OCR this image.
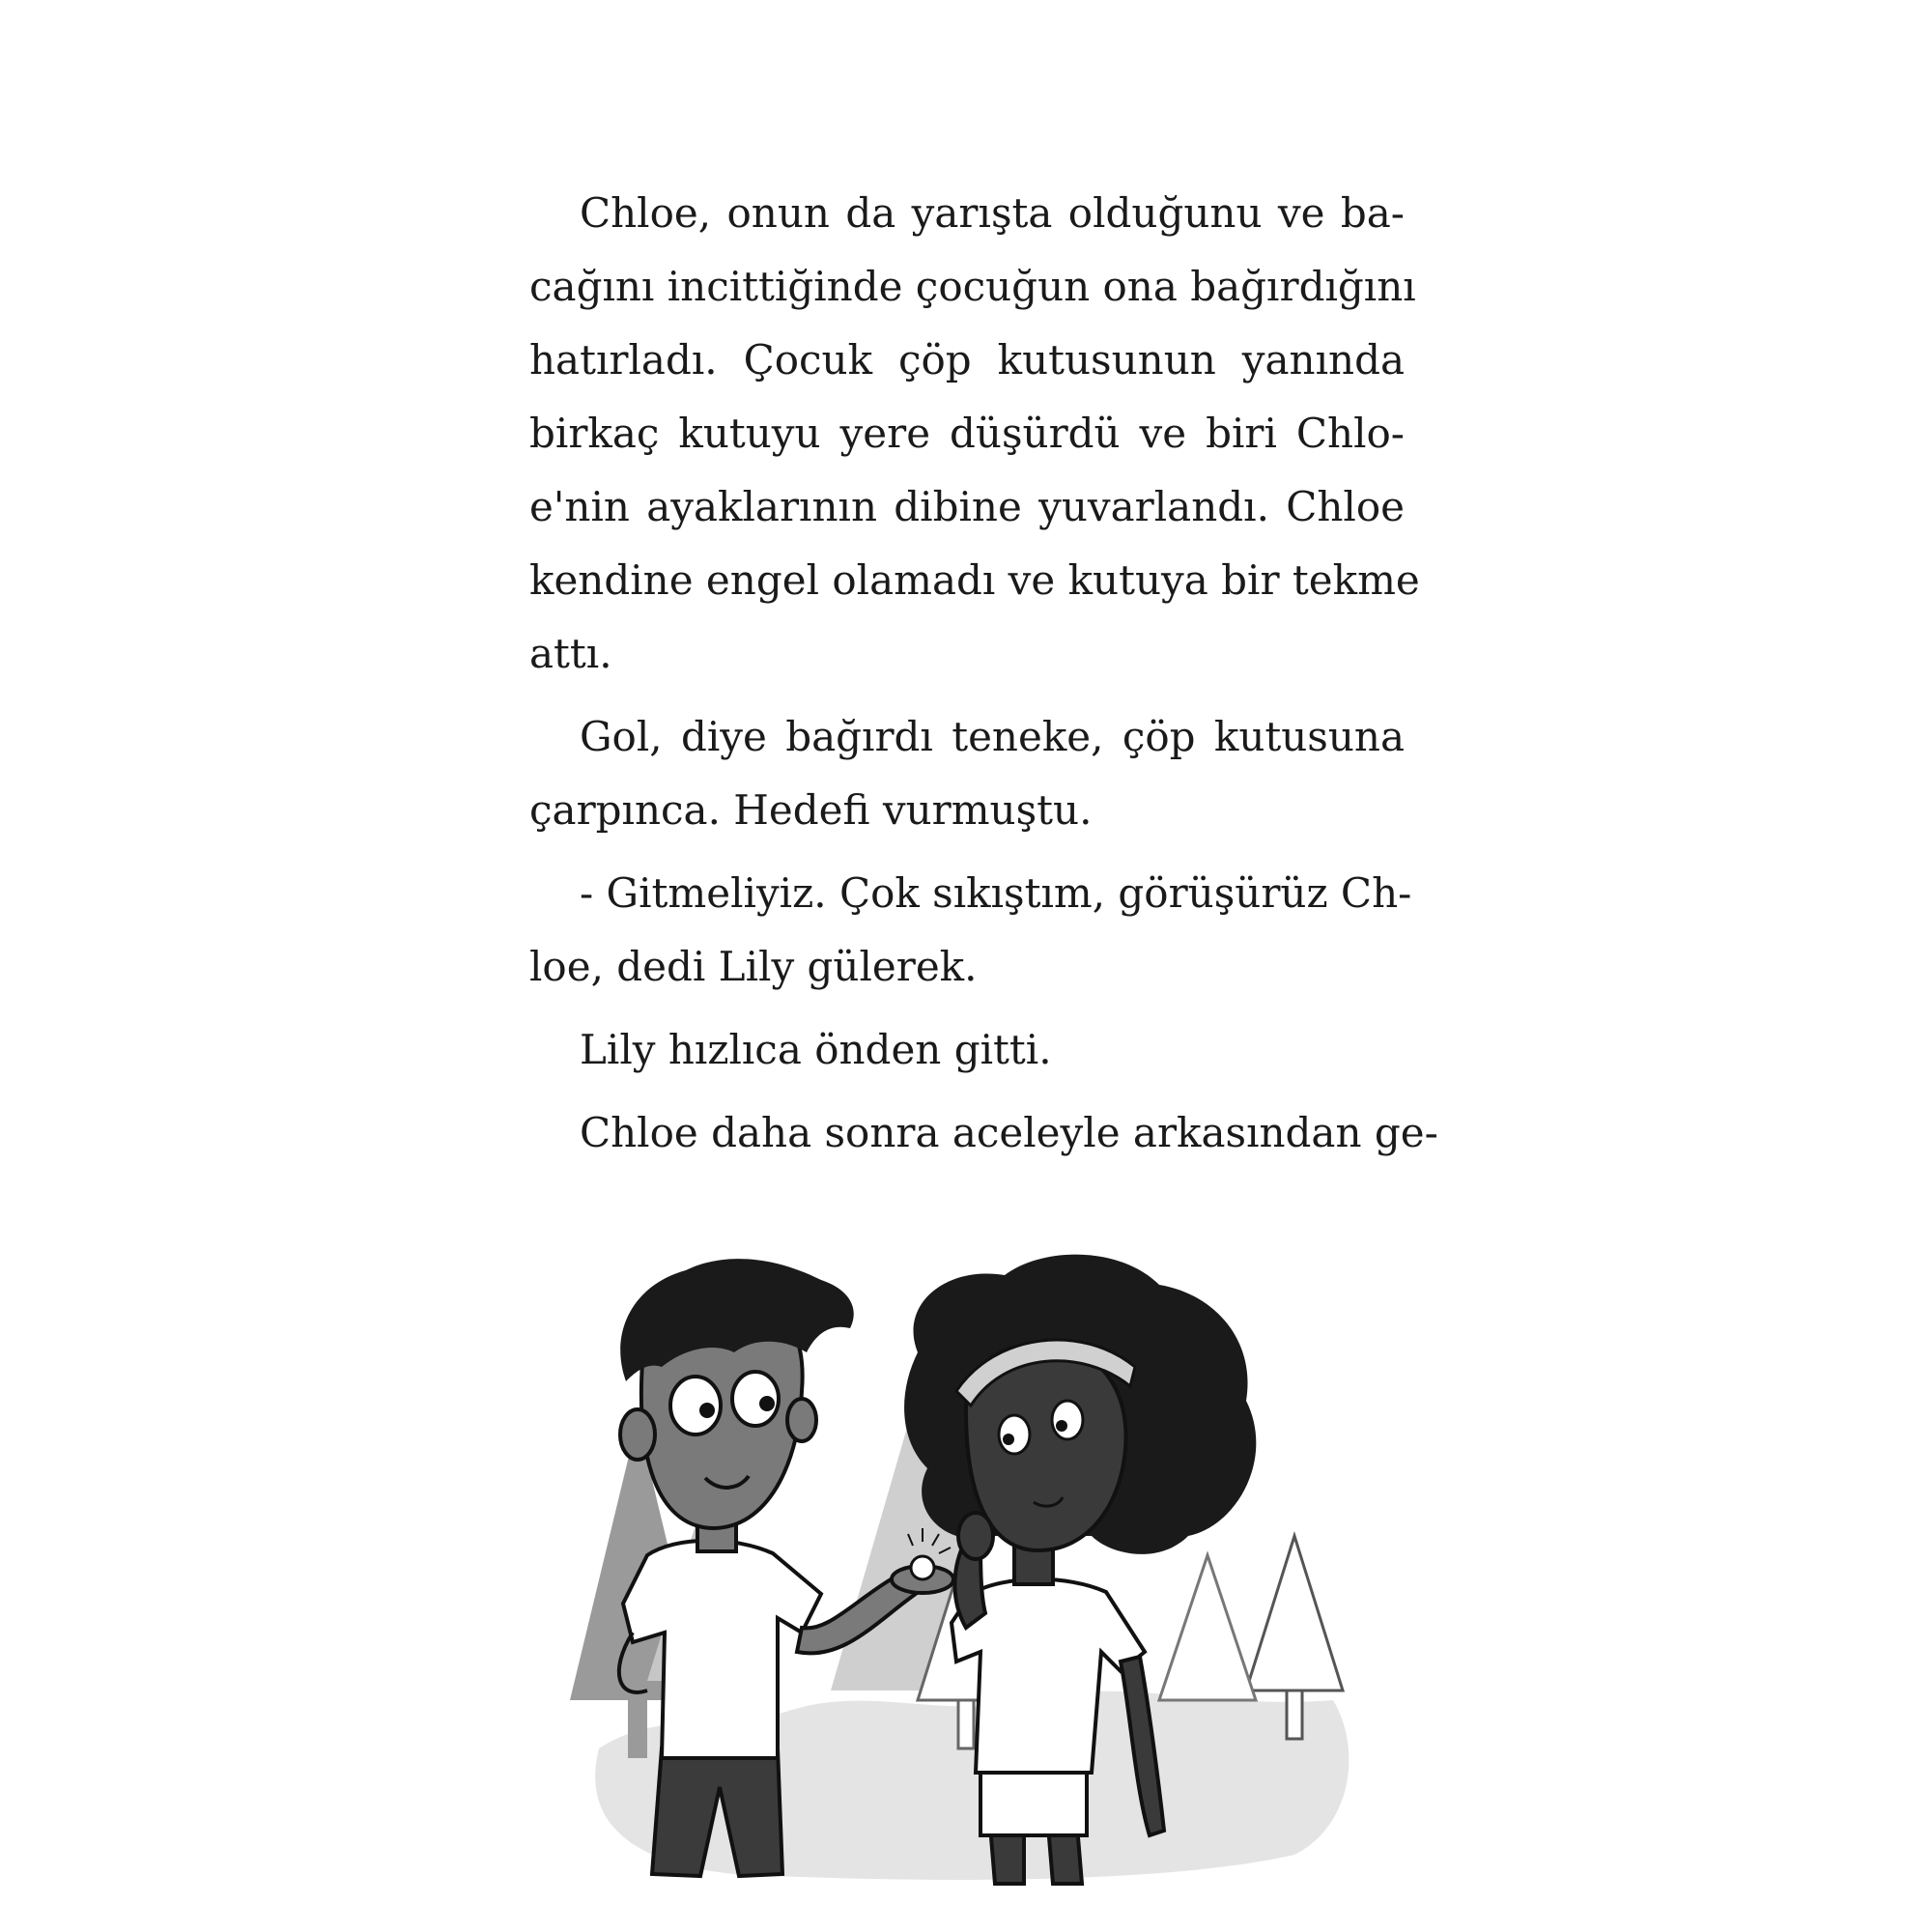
Chloe, onun da yarışta olduğunu ve ba-
cağını incittiğinde çocuğun ona bağırdığını
hatırladı. Çocuk çöp kutusunun yanında
birkaç kutuyu yere düşürdü ve biri Chlo-
e'nin ayaklarının dibine yuvarlandı. Chloe
kendine engel olamadı ve kutuya bir tekme
attı.
Gol, diye bağırdı teneke, çöp kutusuna
çarpınca. Hedefi vurmuştu.
- Gitmeliyiz. Çok sıkıştım, görüşürüz Ch-
loe, dedi Lily gülerek.
Lily hızlıca önden gitti.
Chloe daha sonra aceleyle arkasından ge-
